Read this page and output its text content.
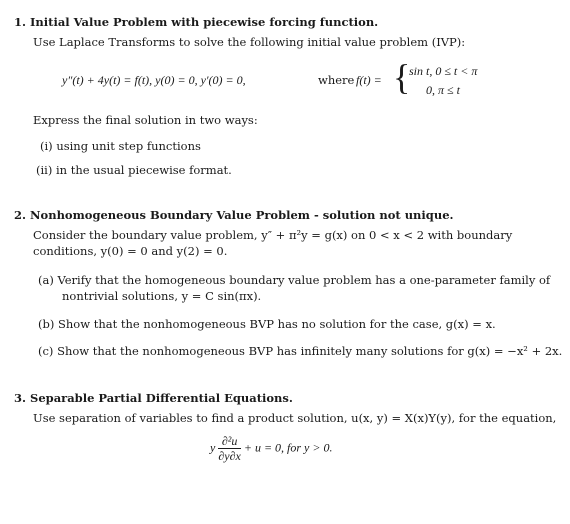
1. Initial Value Problem with piecewise forcing function.
Use Laplace Transforms to solve the following initial value problem (IVP):
y″(t) + 4y(t) = f(t), y(0) = 0, y′(0) = 0,	where f(t) = {
sin t, 0 ≤ t < π
0, π ≤ t
Express the final solution in two ways:
(i) using unit step functions
(ii) in the usual piecewise format.
2. Nonhomogeneous Boundary Value Problem - solution not unique.
Consider the boundary value problem, y″ + π²y = g(x) on 0 < x < 2 with boundary
conditions, y(0) = 0 and y(2) = 0.
(a) Verify that the homogeneous boundary value problem has a one-parameter family of
nontrivial solutions, y = C sin(πx).
(b) Show that the nonhomogeneous BVP has no solution for the case, g(x) = x.
(c) Show that the nonhomogeneous BVP has infinitely many solutions for g(x) = −x² + 2x.
3. Separable Partial Differential Equations.
Use separation of variables to find a product solution, u(x, y) = X(x)Y(y), for the equation,
y $\frac{\text{∂²u}}{\partial y\partial x} + u = 0$, for y > 0.
